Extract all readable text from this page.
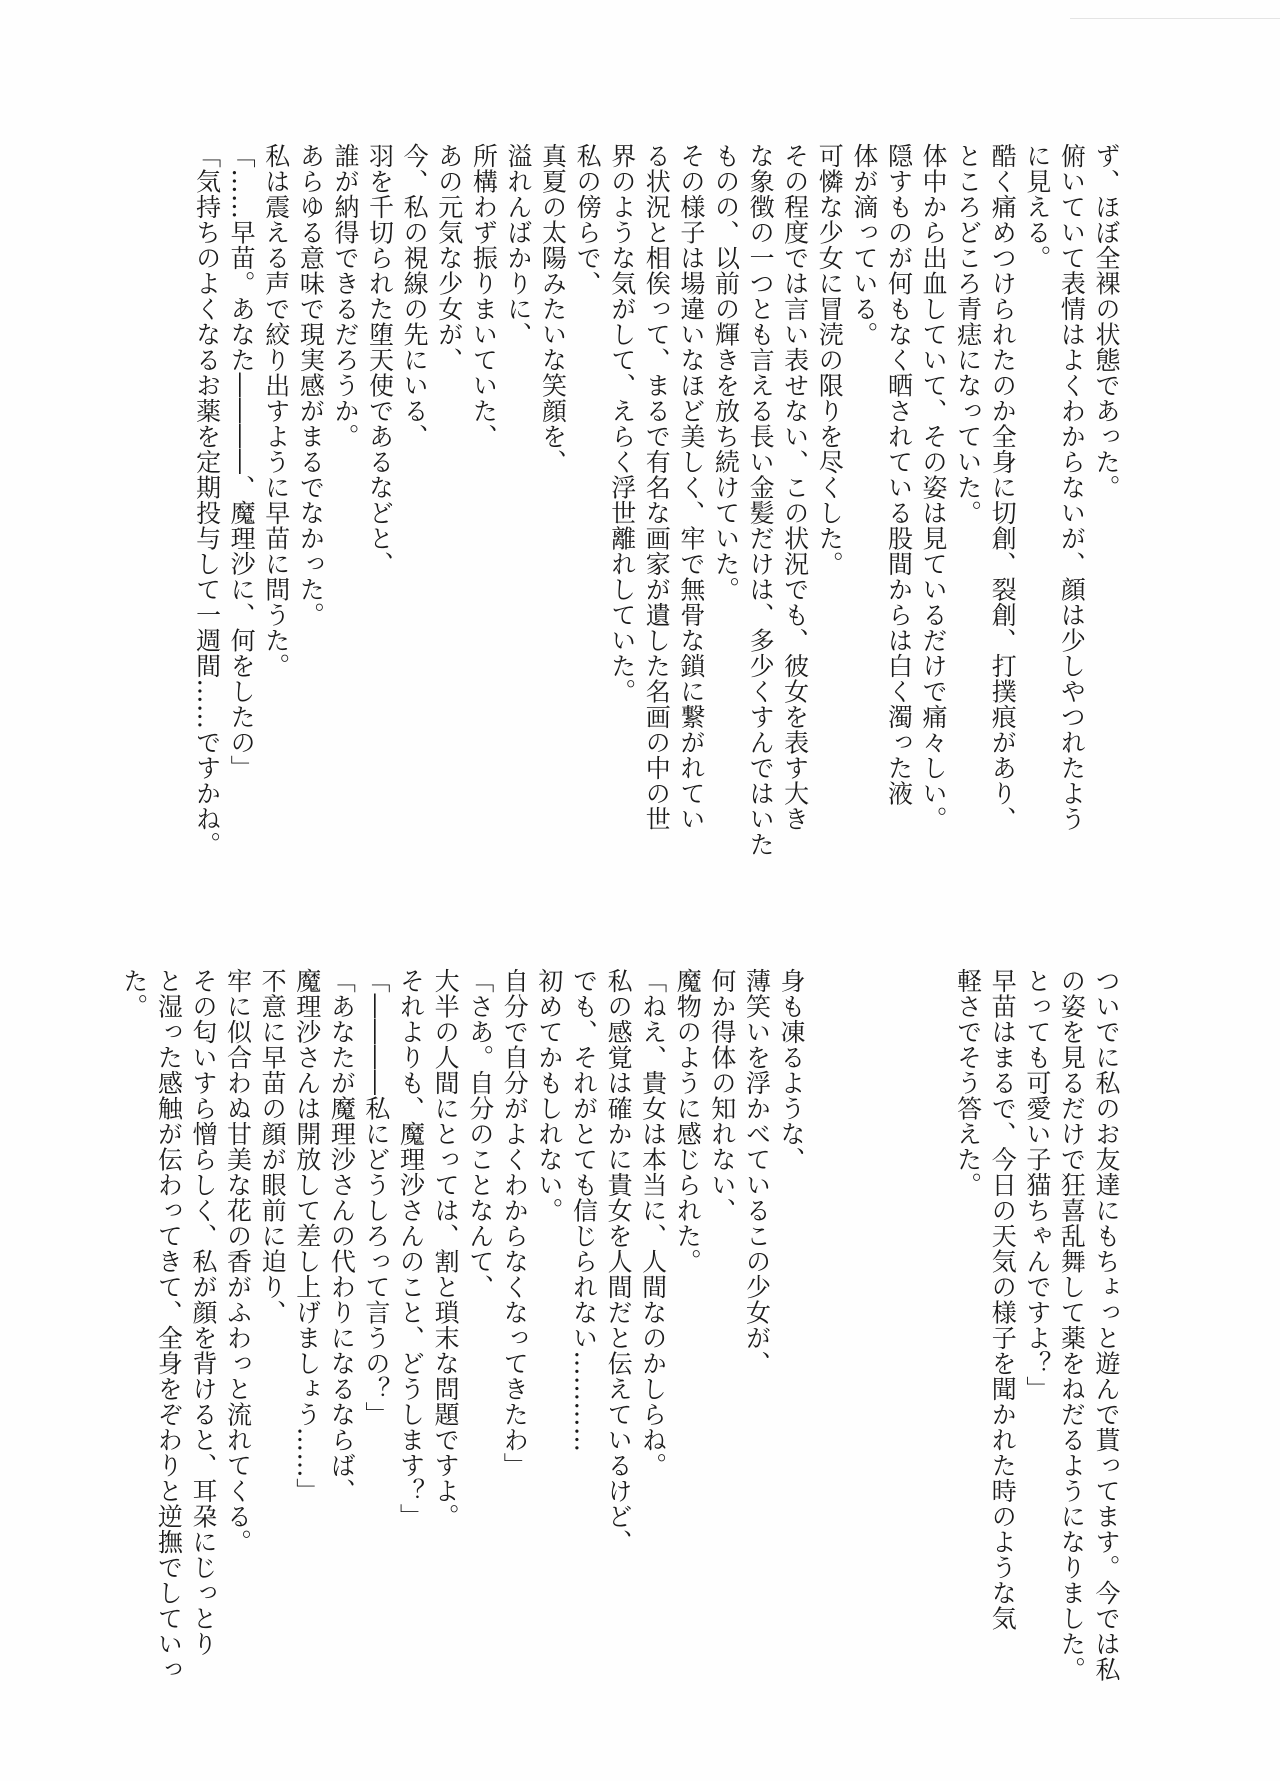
ず、ほぼ全裸の状態であった。
俯いていて表情はよくわからないが、顔は少しやつれたよう
に見える。
酷く痛めつけられたのか全身に切創、裂創、打撲痕があり、
ところどころ青痣になっていた。
体中から出血していて、その姿は見ているだけで痛々しい。
隠すものが何もなく晒されている股間からは白く濁った液
体が滴っている。
可憐な少女に冒涜の限りを尽くした。
その程度では言い表せない、この状況でも、彼女を表す大き
な象徴の一つとも言える長い金髪だけは、多少くすんではいた
ものの、以前の輝きを放ち続けていた。
その様子は場違いなほど美しく、牢で無骨な鎖に繋がれてい
る状況と相俟って、まるで有名な画家が遺した名画の中の世
界のような気がして、えらく浮世離れしていた。
私の傍らで、
真夏の太陽みたいな笑顔を、
溢れんばかりに、
所構わず振りまいていた、
あの元気な少女が、
今、私の視線の先にいる、
羽を千切られた堕天使であるなどと、
誰が納得できるだろうか。
あらゆる意味で現実感がまるでなかった。
私は震える声で絞り出すように早苗に問うた。
「……早苗。あなた――――、魔理沙に、何をしたの」
「気持ちのよくなるお薬を定期投与して一週間……ですかね。
ついでに私のお友達にもちょっと遊んで貰ってます。今では私
の姿を見るだけで狂喜乱舞して薬をねだるようになりました。
とっても可愛い子猫ちゃんですよ？」
早苗はまるで、今日の天気の様子を聞かれた時のような気
軽さでそう答えた。
身も凍るような、
薄笑いを浮かべているこの少女が、
何か得体の知れない、
魔物のように感じられた。
「ねえ、貴女は本当に、人間なのかしらね。
私の感覚は確かに貴女を人間だと伝えているけど、
でも、それがとても信じられない…………
初めてかもしれない。
自分で自分がよくわからなくなってきたわ」
「さあ。自分のことなんて、
大半の人間にとっては、割と瑣末な問題ですよ。
それよりも、魔理沙さんのこと、どうします？」
「――――私にどうしろって言うの？」
「あなたが魔理沙さんの代わりになるならば、
魔理沙さんは開放して差し上げましょう……」
不意に早苗の顔が眼前に迫り、
牢に似合わぬ甘美な花の香がふわっと流れてくる。
その匂いすら憎らしく、私が顔を背けると、耳朶にじっとり
と湿った感触が伝わってきて、全身をぞわりと逆撫でしていっ
た。
